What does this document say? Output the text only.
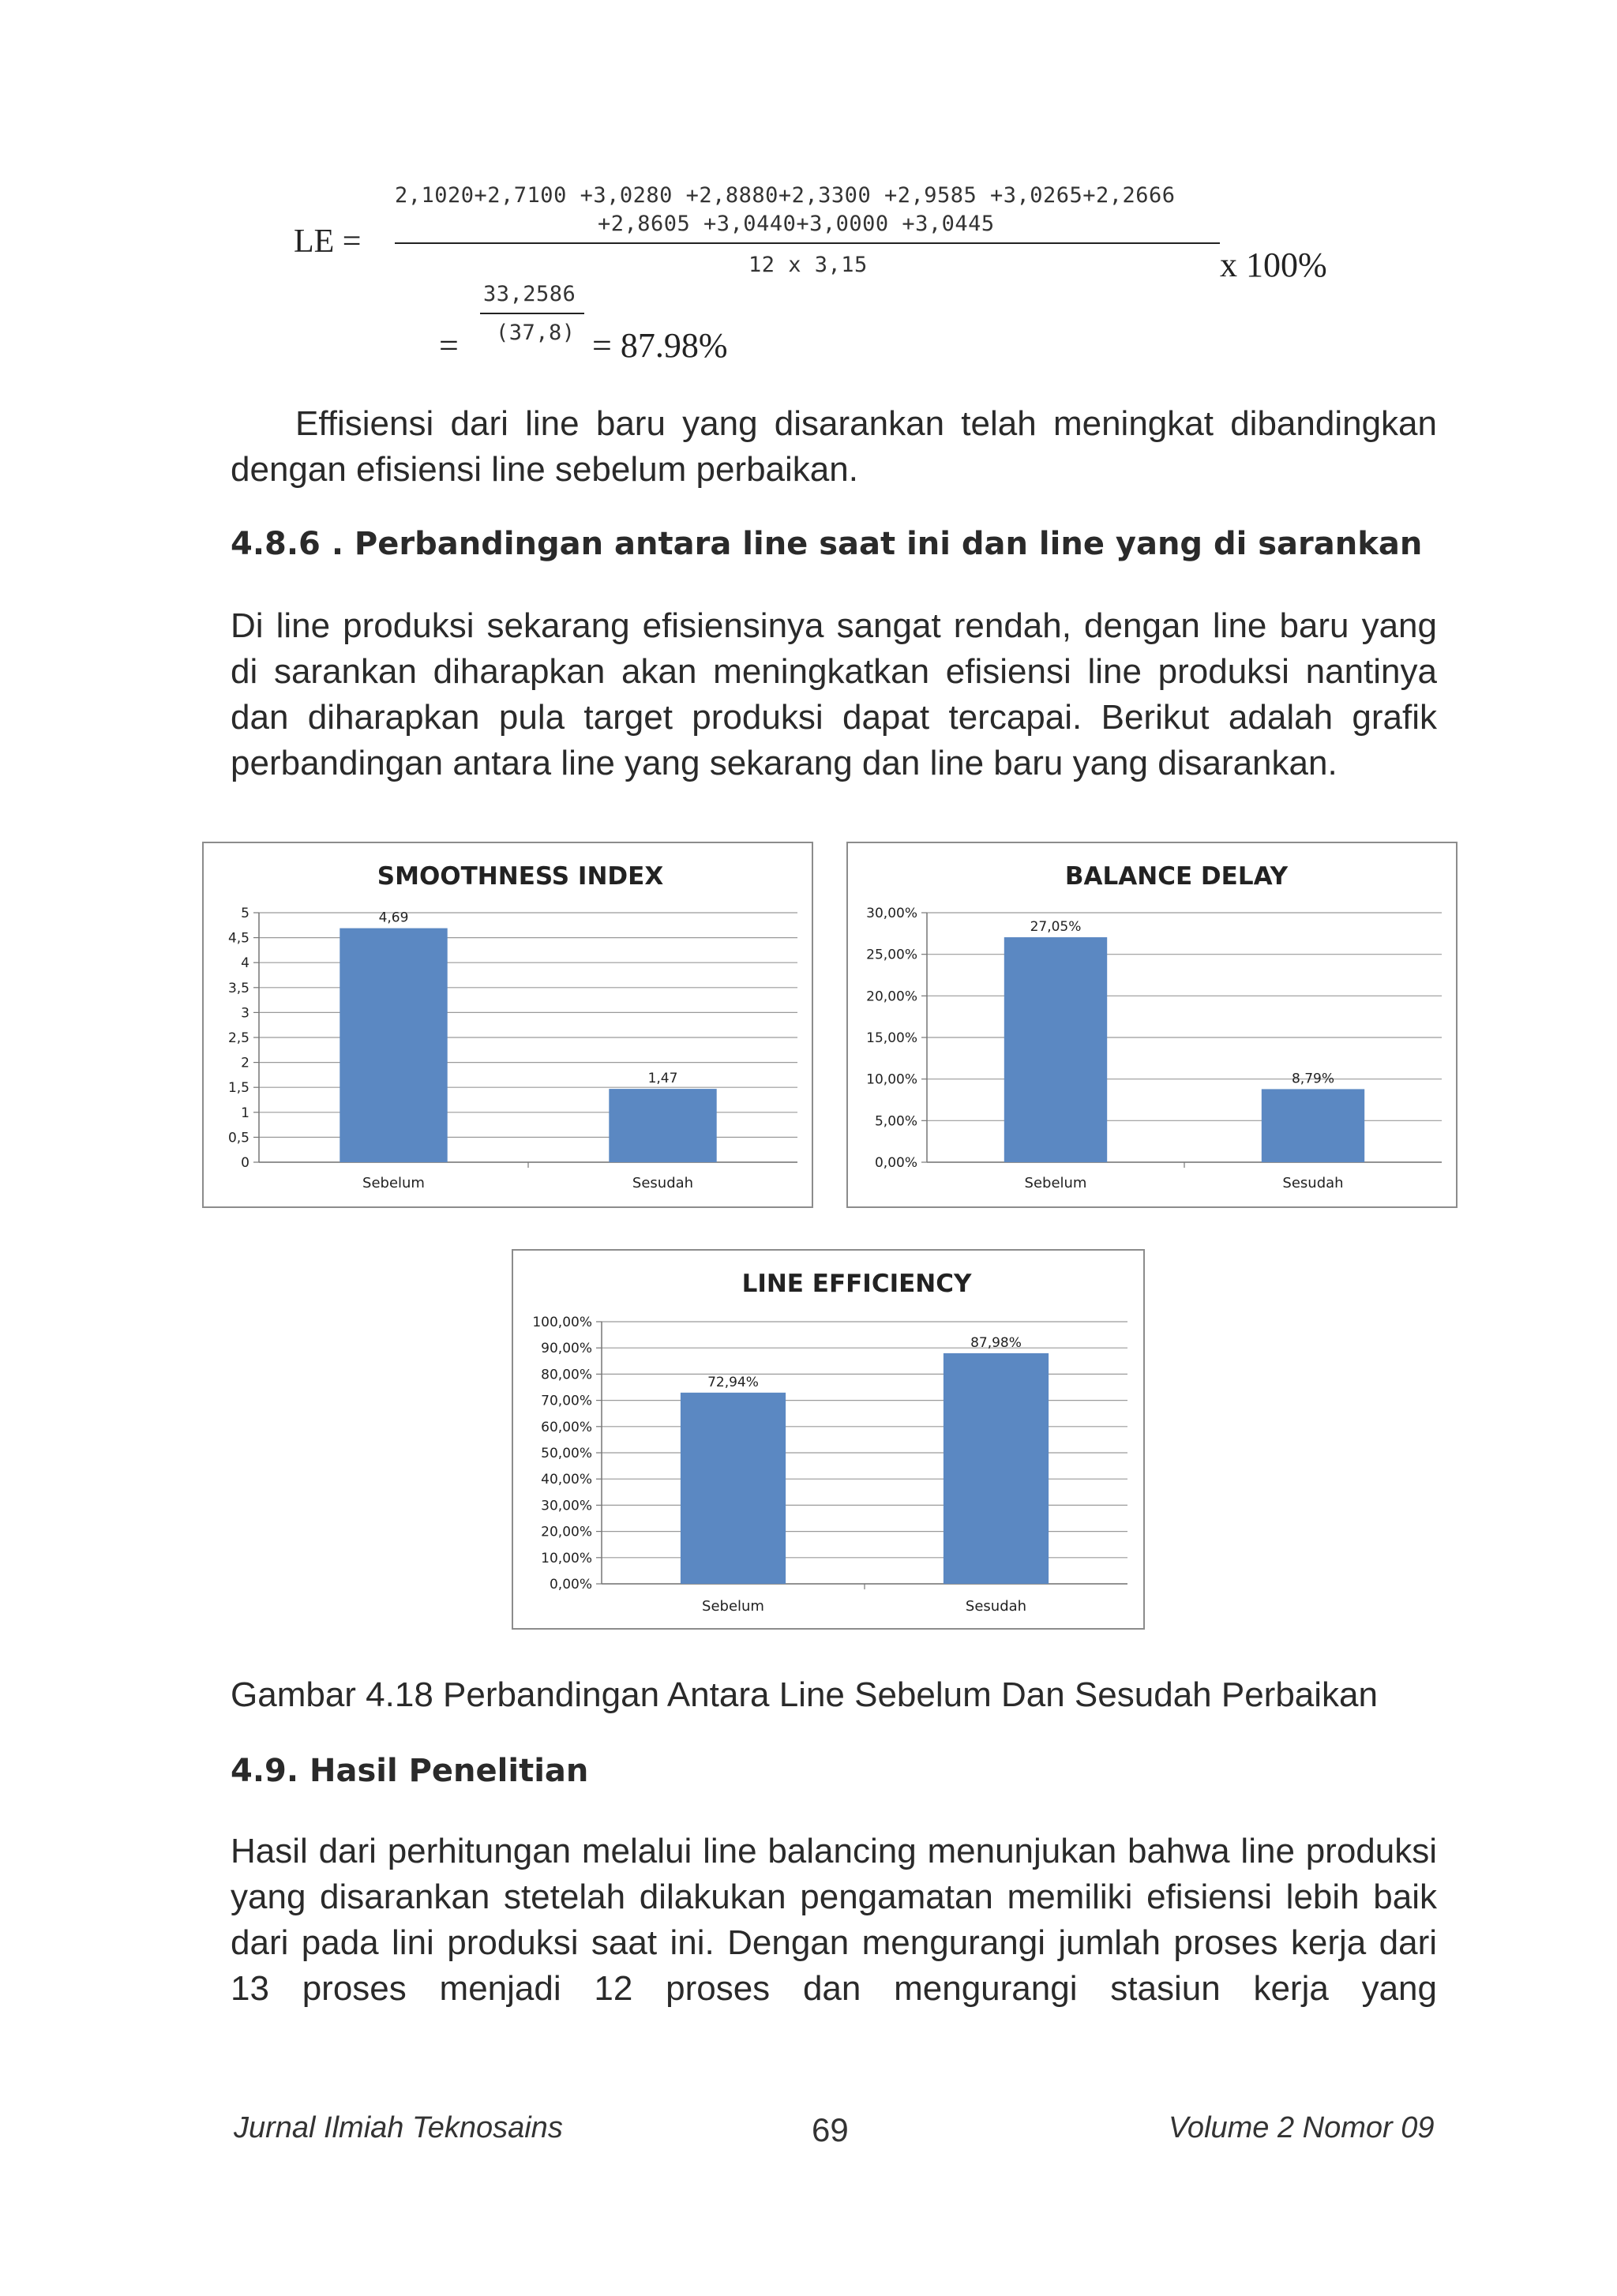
LE =
2,1020+2,7100 +3,0280 +2,8880+2,3300 +2,9585 +3,0265+2,2666
+2,8605 +3,0440+3,0000 +3,0445
12 x 3,15	x 100%
=
33,2586
(37,8) = 87.98%
Effisiensi dari line baru yang disarankan telah meningkat dibandingkan dengan efisiensi line sebelum perbaikan.
4.8.6 . Perbandingan antara line saat ini dan line yang di sarankan
Di line produksi sekarang efisiensinya sangat rendah, dengan line baru yang di sarankan diharapkan akan meningkatkan efisiensi line produksi nantinya dan diharapkan pula target produksi dapat tercapai. Berikut adalah grafik perbandingan antara line yang sekarang dan line baru yang disarankan.
SMOOTHNESS INDEX
0
0,5
1
1,5
2
2,5
3
3,5
4
4,5
5	4,69
Sebelum
1,47
Sesudah
BALANCE DELAY
0,00%
5,00%
10,00%
15,00%
20,00%
25,00%
30,00%
27,05%
Sebelum
8,79%
Sesudah
LINE EFFICIENCY
0,00%
10,00%
20,00%
30,00%
40,00%
50,00%
60,00%
70,00%
80,00%
90,00%
100,00%
72,94%
Sebelum
87,98%
Sesudah
Gambar 4.18 Perbandingan Antara Line Sebelum Dan Sesudah Perbaikan
4.9. Hasil Penelitian
Hasil dari perhitungan melalui line balancing menunjukan bahwa line produksi yang disarankan stetelah dilakukan pengamatan memiliki efisiensi lebih baik dari pada lini produksi saat ini. Dengan mengurangi jumlah proses kerja dari 13 proses menjadi 12 proses dan mengurangi stasiun kerja yang
Jurnal Ilmiah Teknosains	69	Volume 2 Nomor 09
